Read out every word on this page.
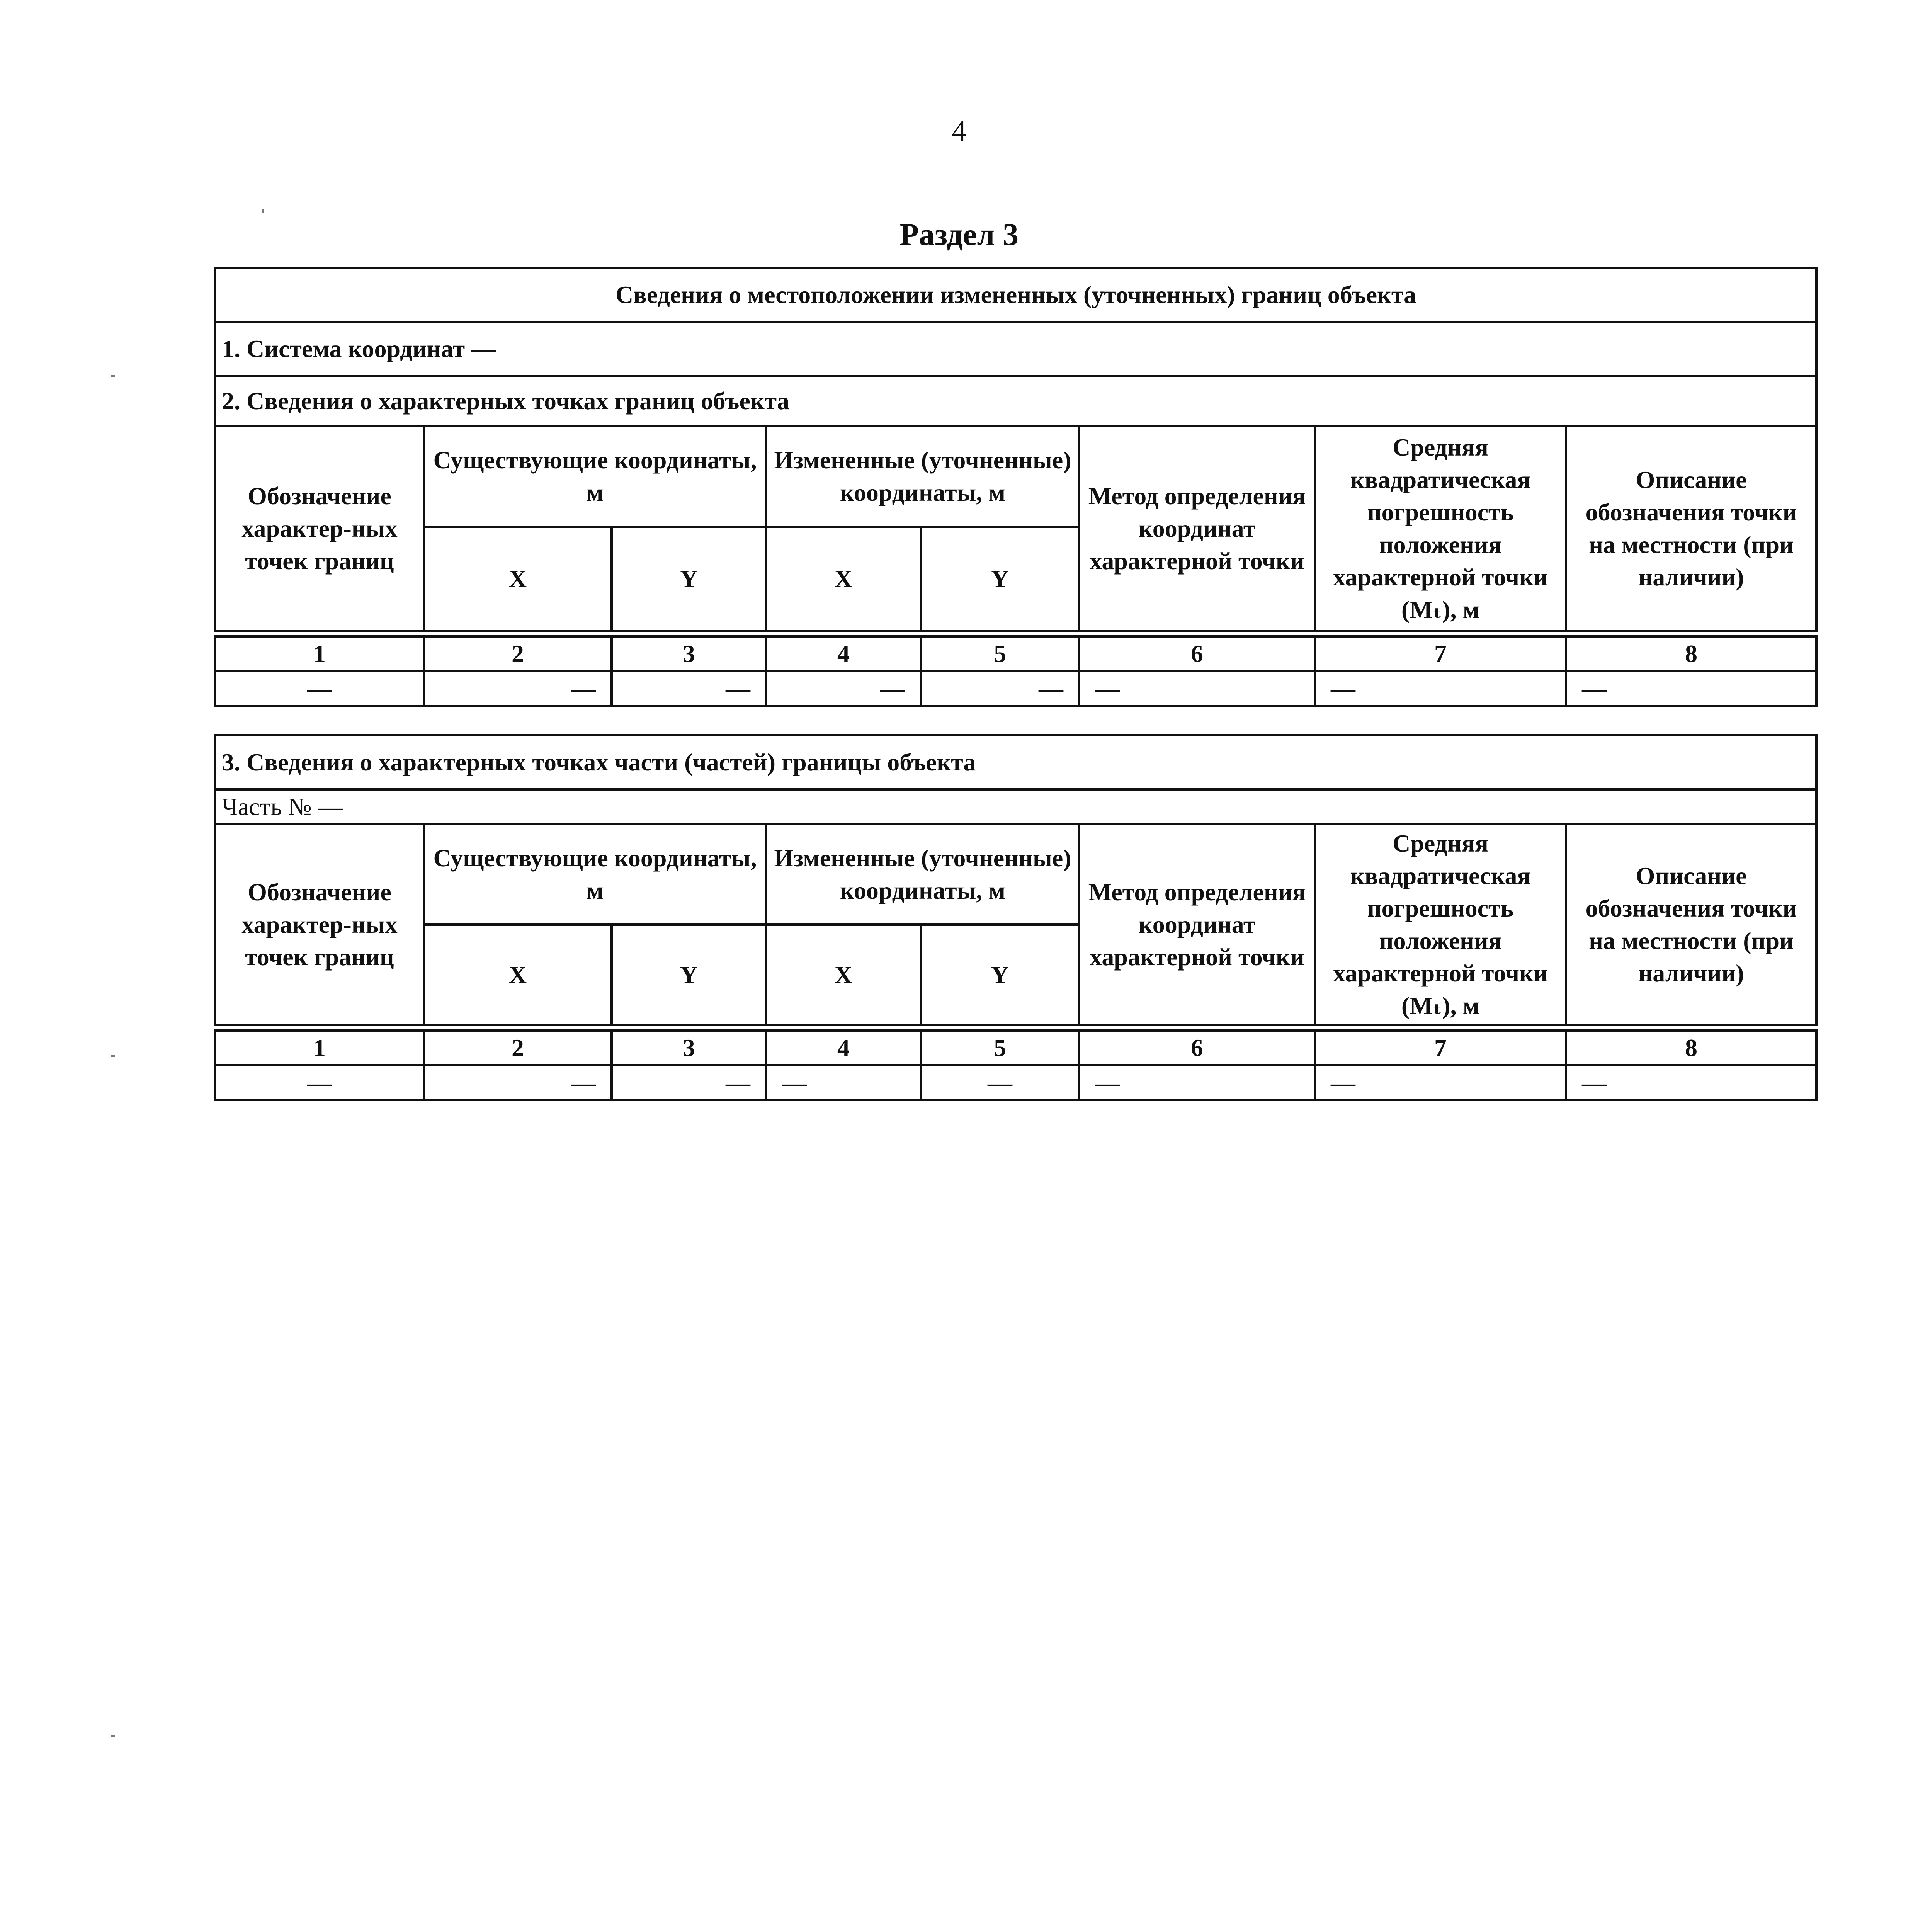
4
Раздел 3
Сведения о местоположении измененных (уточненных) границ объекта							
1. Система координат —							
2. Сведения о характерных точках границ объекта							
Обозначение характер-ных точек границ	Существующие координаты, м		Измененные (уточненные) координаты, м		Метод определения координат характерной точки	Средняя квадратическая погрешность положения характерной точки (Mₜ), м	Описание обозначения точки на местности (при наличии)
	X	Y	X	Y			

1	2	3	4	5	6	7	8
—	—	—	—	—	—	—	—
3. Сведения о характерных точках части (частей) границы объекта							
Часть № —							
Обозначение характер-ных точек границ	Существующие координаты, м		Измененные (уточненные) координаты, м		Метод определения координат характерной точки	Средняя квадратическая погрешность положения характерной точки (Mₜ), м	Описание обозначения точки на местности (при наличии)
	X	Y	X	Y			

1	2	3	4	5	6	7	8
—	—	—	—	—	—	—	—
